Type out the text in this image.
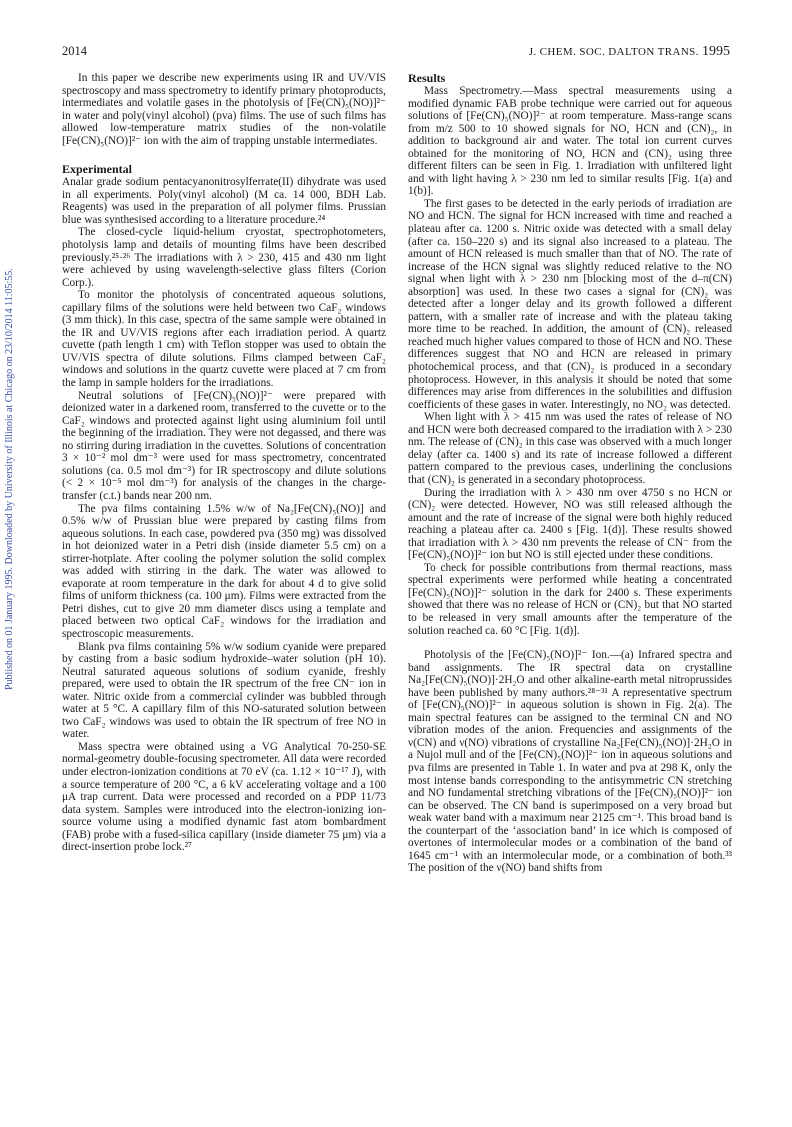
2014	J. CHEM. SOC. DALTON TRANS. 1995
Published on 01 January 1995. Downloaded by University of Illinois at Chicago on 23/10/2014 11:05:55.

In this paper we describe new experiments using IR and UV/VIS spectroscopy and mass spectrometry to identify primary photoproducts, intermediates and volatile gases in the photolysis of [Fe(CN)₅(NO)]²⁻ in water and poly(vinyl alcohol) (pva) films. The use of such films has allowed low-temperature matrix studies of the non-volatile [Fe(CN)₅(NO)]²⁻ ion with the aim of trapping unstable intermediates.

Experimental

Analar grade sodium pentacyanonitrosylferrate(II) dihydrate was used in all experiments. Poly(vinyl alcohol) (M ca. 14 000, BDH Lab. Reagents) was used in the preparation of all polymer films. Prussian blue was synthesised according to a literature procedure.²⁴

The closed-cycle liquid-helium cryostat, spectrophotometers, photolysis lamp and details of mounting films have been described previously.²⁵·²⁶ The irradiations with λ > 230, 415 and 430 nm light were achieved by using wavelength-selective glass filters (Corion Corp.).

To monitor the photolysis of concentrated aqueous solutions, capillary films of the solutions were held between two CaF₂ windows (3 mm thick). In this case, spectra of the same sample were obtained in the IR and UV/VIS regions after each irradiation period. A quartz cuvette (path length 1 cm) with Teflon stopper was used to obtain the UV/VIS spectra of dilute solutions. Films clamped between CaF₂ windows and solutions in the quartz cuvette were placed at 7 cm from the lamp in sample holders for the irradiations.

Neutral solutions of [Fe(CN)₅(NO)]²⁻ were prepared with deionized water in a darkened room, transferred to the cuvette or to the CaF₂ windows and protected against light using aluminium foil until the beginning of the irradiation. They were not degassed, and there was no stirring during irradiation in the cuvettes. Solutions of concentration 3 × 10⁻² mol dm⁻³ were used for mass spectrometry, concentrated solutions (ca. 0.5 mol dm⁻³) for IR spectroscopy and dilute solutions (< 2 × 10⁻⁵ mol dm⁻³) for analysis of the changes in the charge-transfer (c.t.) bands near 200 nm.

The pva films containing 1.5% w/w of Na₂[Fe(CN)₅(NO)] and 0.5% w/w of Prussian blue were prepared by casting films from aqueous solutions. In each case, powdered pva (350 mg) was dissolved in hot deionized water in a Petri dish (inside diameter 5.5 cm) on a stirrer-hotplate. After cooling the polymer solution the solid complex was added with stirring in the dark. The water was allowed to evaporate at room temperature in the dark for about 4 d to give solid films of uniform thickness (ca. 100 μm). Films were extracted from the Petri dishes, cut to give 20 mm diameter discs using a template and placed between two optical CaF₂ windows for the irradiation and spectroscopic measurements.

Blank pva films containing 5% w/w sodium cyanide were prepared by casting from a basic sodium hydroxide–water solution (pH 10). Neutral saturated aqueous solutions of sodium cyanide, freshly prepared, were used to obtain the IR spectrum of the free CN⁻ ion in water. Nitric oxide from a commercial cylinder was bubbled through water at 5 °C. A capillary film of this NO-saturated solution between two CaF₂ windows was used to obtain the IR spectrum of free NO in water.

Mass spectra were obtained using a VG Analytical 70-250-SE normal-geometry double-focusing spectrometer. All data were recorded under electron-ionization conditions at 70 eV (ca. 1.12 × 10⁻¹⁷ J), with a source temperature of 200 °C, a 6 kV accelerating voltage and a 100 μA trap current. Data were processed and recorded on a PDP 11/73 data system. Samples were introduced into the electron-ionizing ion-source volume using a modified dynamic fast atom bombardment (FAB) probe with a fused-silica capillary (inside diameter 75 μm) via a direct-insertion probe lock.²⁷

Results

Mass Spectrometry.—Mass spectral measurements using a modified dynamic FAB probe technique were carried out for aqueous solutions of [Fe(CN)₅(NO)]²⁻ at room temperature. Mass-range scans from m/z 500 to 10 showed signals for NO, HCN and (CN)₂, in addition to background air and water. The total ion current curves obtained for the monitoring of NO, HCN and (CN)₂ using three different filters can be seen in Fig. 1. Irradiation with unfiltered light and with light having λ > 230 nm led to similar results [Fig. 1(a) and 1(b)].

The first gases to be detected in the early periods of irradiation are NO and HCN. The signal for HCN increased with time and reached a plateau after ca. 1200 s. Nitric oxide was detected with a small delay (after ca. 150–220 s) and its signal also increased to a plateau. The amount of HCN released is much smaller than that of NO. The rate of increase of the HCN signal was slightly reduced relative to the NO signal when light with λ > 230 nm [blocking most of the d–π(CN) absorption] was used. In these two cases a signal for (CN)₂ was detected after a longer delay and its growth followed a different pattern, with a smaller rate of increase and with the plateau taking more time to be reached. In addition, the amount of (CN)₂ released reached much higher values compared to those of HCN and NO. These differences suggest that NO and HCN are released in primary photochemical process, and that (CN)₂ is produced in a secondary photoprocess. However, in this analysis it should be noted that some differences may arise from differences in the solubilities and diffusion coefficients of these gases in water. Interestingly, no NO₂ was detected.

When light with λ > 415 nm was used the rates of release of NO and HCN were both decreased compared to the irradiation with λ > 230 nm. The release of (CN)₂ in this case was observed with a much longer delay (after ca. 1400 s) and its rate of increase followed a different pattern compared to the previous cases, underlining the conclusions that (CN)₂ is generated in a secondary photoprocess.

During the irradiation with λ > 430 nm over 4750 s no HCN or (CN)₂ were detected. However, NO was still released although the amount and the rate of increase of the signal were both highly reduced reaching a plateau after ca. 2400 s [Fig. 1(d)]. These results showed that irradiation with λ > 430 nm prevents the release of CN⁻ from the [Fe(CN)₅(NO)]²⁻ ion but NO is still ejected under these conditions.

To check for possible contributions from thermal reactions, mass spectral experiments were performed while heating a concentrated [Fe(CN)₅(NO)]²⁻ solution in the dark for 2400 s. These experiments showed that there was no release of HCN or (CN)₂ but that NO started to be released in very small amounts after the temperature of the solution reached ca. 60 °C [Fig. 1(d)].

Photolysis of the [Fe(CN)₅(NO)]²⁻ Ion.—(a) Infrared spectra and band assignments. The IR spectral data on crystalline Na₂[Fe(CN)₅(NO)]·2H₂O and other alkaline-earth metal nitroprussides have been published by many authors.²⁸⁻³¹ A representative spectrum of [Fe(CN)₅(NO)]²⁻ in aqueous solution is shown in Fig. 2(a). The main spectral features can be assigned to the terminal CN and NO vibration modes of the anion. Frequencies and assignments of the ν(CN) and ν(NO) vibrations of crystalline Na₂[Fe(CN)₅(NO)]·2H₂O in a Nujol mull and of the [Fe(CN)₅(NO)]²⁻ ion in aqueous solutions and pva films are presented in Table 1. In water and pva at 298 K, only the most intense bands corresponding to the antisymmetric CN stretching and NO fundamental stretching vibrations of the [Fe(CN)₅(NO)]²⁻ ion can be observed. The CN band is superimposed on a very broad but weak water band with a maximum near 2125 cm⁻¹. This broad band is the counterpart of the ‘association band’ in ice which is composed of overtones of intermolecular modes or a combination of the band of 1645 cm⁻¹ with an intermolecular mode, or a combination of both.³³ The position of the ν(NO) band shifts from
